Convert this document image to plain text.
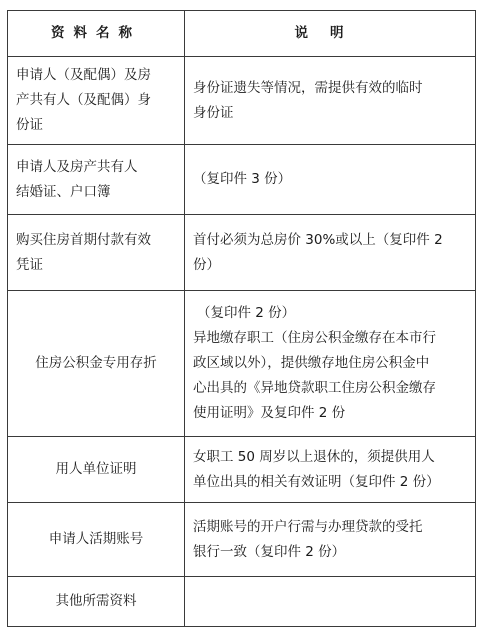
资料名称	说明

申请人（及配偶）及房
产共有人（及配偶）身
份证	身份证遗失等情况，需提供有效的临时
身份证

申请人及房产共有人
结婚证、户口簿	（复印件 3 份）

购买住房首期付款有效
凭证	首付必须为总房价 30%或以上（复印件 2
份）

住房公积金专用存折	（复印件 2 份）
异地缴存职工（住房公积金缴存在本市行
政区域以外），提供缴存地住房公积金中
心出具的《异地贷款职工住房公积金缴存
使用证明》及复印件 2 份

用人单位证明	女职工 50 周岁以上退休的，须提供用人
单位出具的相关有效证明（复印件 2 份）

申请人活期账号	活期账号的开户行需与办理贷款的受托
银行一致（复印件 2 份）

其他所需资料	
